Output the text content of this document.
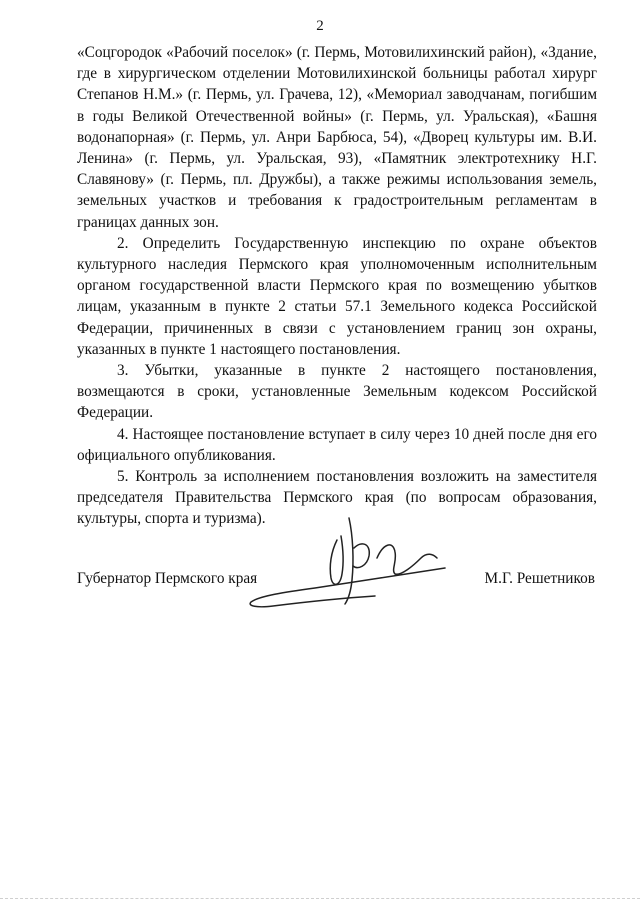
2

«Соцгородок «Рабочий поселок» (г. Пермь, Мотовилихинский район), «Здание, где в хирургическом отделении Мотовилихинской больницы работал хирург Степанов Н.М.» (г. Пермь, ул. Грачева, 12), «Мемориал заводчанам, погибшим в годы Великой Отечественной войны» (г. Пермь, ул. Уральская), «Башня водонапорная» (г. Пермь, ул. Анри Барбюса, 54), «Дворец культуры им. В.И. Ленина» (г. Пермь, ул. Уральская, 93), «Памятник электротехнику Н.Г. Славянову» (г. Пермь, пл. Дружбы), а также режимы использования земель, земельных участков и требования к градостроительным регламентам в границах данных зон.

2. Определить Государственную инспекцию по охране объектов культурного наследия Пермского края уполномоченным исполнительным органом государственной власти Пермского края по возмещению убытков лицам, указанным в пункте 2 статьи 57.1 Земельного кодекса Российской Федерации, причиненных в связи с установлением границ зон охраны, указанных в пункте 1 настоящего постановления.

3. Убытки, указанные в пункте 2 настоящего постановления, возмещаются в сроки, установленные Земельным кодексом Российской Федерации.

4. Настоящее постановление вступает в силу через 10 дней после дня его официального опубликования.

5. Контроль за исполнением постановления возложить на заместителя председателя Правительства Пермского края (по вопросам образования, культуры, спорта и туризма).

Губернатор Пермского края	М.Г. Решетников
